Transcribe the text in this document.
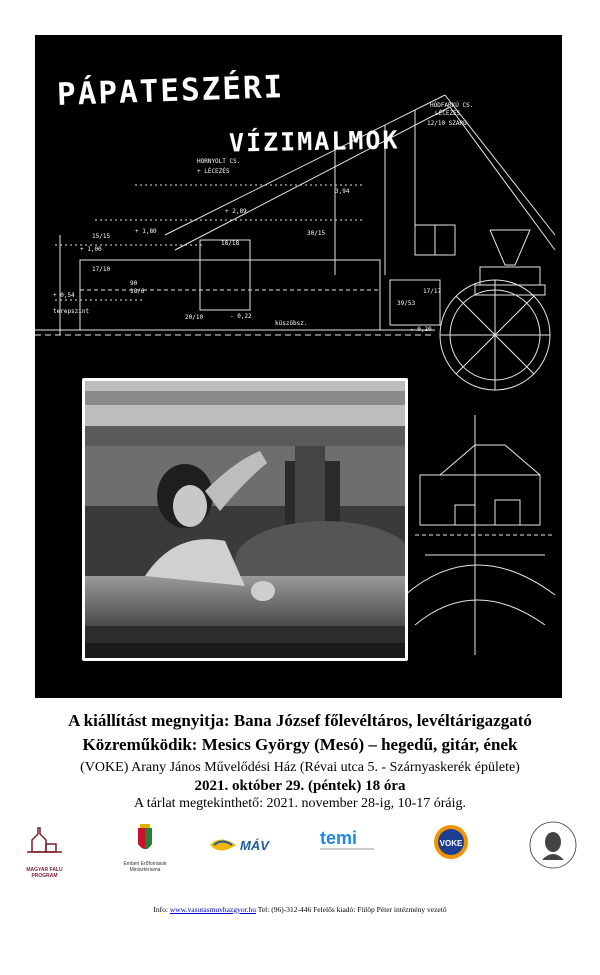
HÓDFARKÚ CS.
LÉCEZÉS
12/10 SZARU
HORNYOLT CS.
+ LÉCEZÉS
3,94
+ 2,89
+ 1,80
15/15	30/15
18/18
+ 1,00
17/10
+ 0,54
90
18/6
20/10
17/17
39/53
- 0,20
- 0,22
terepszint
küszöbsz.
PÁPATESZÉRI
VÍZIMALMOK
A kiállítást megnyitja: Bana József főlevéltáros, levéltárigazgató
Közreműködik: Mesics György (Mesó) – hegedű, gitár, ének
(VOKE) Arany János Művelődési Ház (Révai utca 5. - Szárnyaskerék épülete)
2021. október 29. (péntek) 18 óra
A tárlat megtekinthető: 2021. november 28-ig, 10-17 óráig.
MAGYAR FALU PROGRAM
Emberi Erőforrások
Minisztériuma
MÁV	temi	VOKE
Info: www.vasutasmuvhazgyor.hu Tel: (96)-312-446 Felelős kiadó: Fülöp Péter intézmény vezető
